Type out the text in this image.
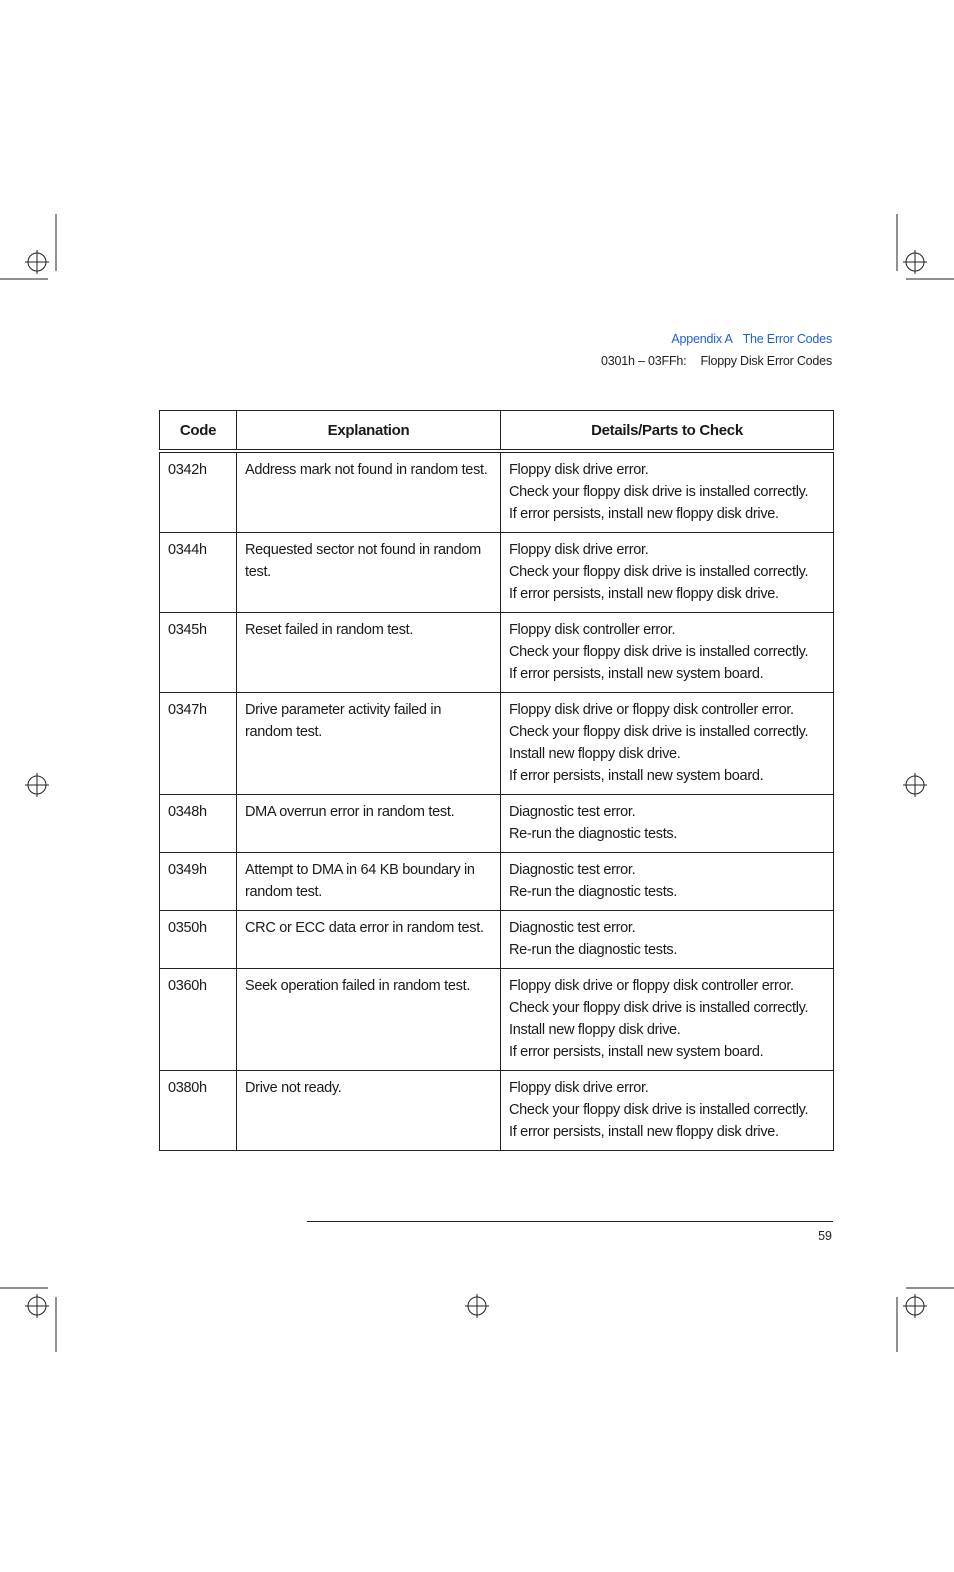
Appendix A The Error Codes
0301h – 03FFh: Floppy Disk Error Codes
Code	Explanation	Details/Parts to Check
0342h	Address mark not found in random test.	Floppy disk drive error.
Check your floppy disk drive is installed correctly.
If error persists, install new floppy disk drive.

0344h	Requested sector not found in random test.	Floppy disk drive error.
Check your floppy disk drive is installed correctly.
If error persists, install new floppy disk drive.

0345h	Reset failed in random test.	Floppy disk controller error.
Check your floppy disk drive is installed correctly.
If error persists, install new system board.

0347h	Drive parameter activity failed in random test.	Floppy disk drive or floppy disk controller error.
Check your floppy disk drive is installed correctly.
Install new floppy disk drive.
If error persists, install new system board.

0348h	DMA overrun error in random test.	Diagnostic test error.
Re-run the diagnostic tests.

0349h	Attempt to DMA in 64 KB boundary in random test.	Diagnostic test error.
Re-run the diagnostic tests.

0350h	CRC or ECC data error in random test.	Diagnostic test error.
Re-run the diagnostic tests.

0360h	Seek operation failed in random test.	Floppy disk drive or floppy disk controller error.
Check your floppy disk drive is installed correctly.
Install new floppy disk drive.
If error persists, install new system board.

0380h	Drive not ready.	Floppy disk drive error.
Check your floppy disk drive is installed correctly.
If error persists, install new floppy disk drive.
59
